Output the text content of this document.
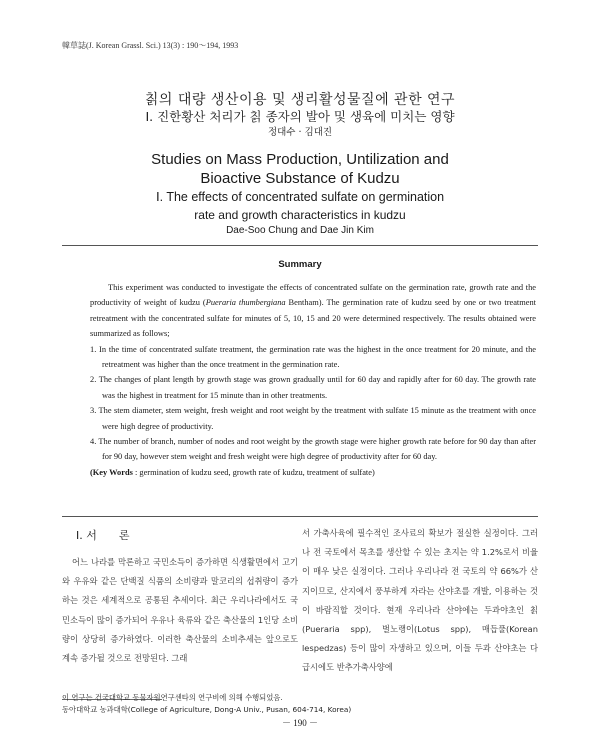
韓草誌(J. Korean Grassl. Sci.) 13(3) : 190～194, 1993
칡의 대량 생산이용 및 생리활성물질에 관한 연구
Ⅰ. 진한황산 처리가 칡 종자의 발아 및 생육에 미치는 영향
정대수 · 김대진
Studies on Mass Production, Untilization and
Bioactive Substance of Kudzu
Ⅰ. The effects of concentrated sulfate on germination
rate and growth characteristics in kudzu
Dae-Soo Chung and Dae Jin Kim
Summary

This experiment was conducted to investigate the effects of concentrated sulfate on the germination rate, growth rate and the productivity of weight of kudzu (Pueraria thumbergiana Bentham). The germination rate of kudzu seed by one or two treatment retreatment with the concentrated sulfate for minutes of 5, 10, 15 and 20 were determined respectively. The results obtained were summarized as follows;

1. In the time of concentrated sulfate treatment, the germination rate was the highest in the once treatment for 20 minute, and the retreatment was higher than the once treatment in the germination rate.

2. The changes of plant length by growth stage was grown gradually until for 60 day and rapidly after for 60 day. The growth rate was the highest in treatment for 15 minute than in other treatments.

3. The stem diameter, stem weight, fresh weight and root weight by the treatment with sulfate 15 minute as the treatment with once were high degree of productivity.

4. The number of branch, number of nodes and root weight by the growth stage were higher growth rate before for 90 day than after for 90 day, however stem weight and fresh weight were high degree of productivity after for 60 day.

(Key Words : germination of kudzu seed, growth rate of kudzu, treatment of sulfate)

Ⅰ. 서　　론

어느 나라를 막론하고 국민소득이 증가하면 식생활면에서 고기와 우유와 같은 단백질 식품의 소비량과 말코리의 섭취량이 증가하는 것은 세계적으로 공통된 추세이다. 최근 우리나라에서도 국민소득이 많이 증가되어 우유나 육류와 같은 축산물의 1인당 소비량이 상당히 증가하였다. 이러한 축산물의 소비추세는 앞으로도 계속 증가될 것으로 전망된다. 그래

서 가축사육에 필수적인 조사료의 확보가 절실한 실정이다. 그러나 전 국토에서 목초를 생산할 수 있는 초지는 약 1.2%로서 비율이 매우 낮은 실정이다. 그러나 우리나라 전 국토의 약 66%가 산지이므로, 산지에서 풍부하게 자라는 산야초를 개발, 이용하는 것이 바람직할 것이다. 현재 우리나라 산야에는 두과야초인 칡(Pueraria spp), 벌노랭이(Lotus spp), 매듭풀(Korean lespedzas) 등이 많이 자생하고 있으며, 이들 두과 산야초는 다급시에도 반추가축사양에

이 연구는 건국대학교 동물자원연구센타의 연구비에 의해 수행되었음.
동아대학교 농과대학(College of Agriculture, Dong-A Univ., Pusan, 604-714, Korea)
－ 190 －
